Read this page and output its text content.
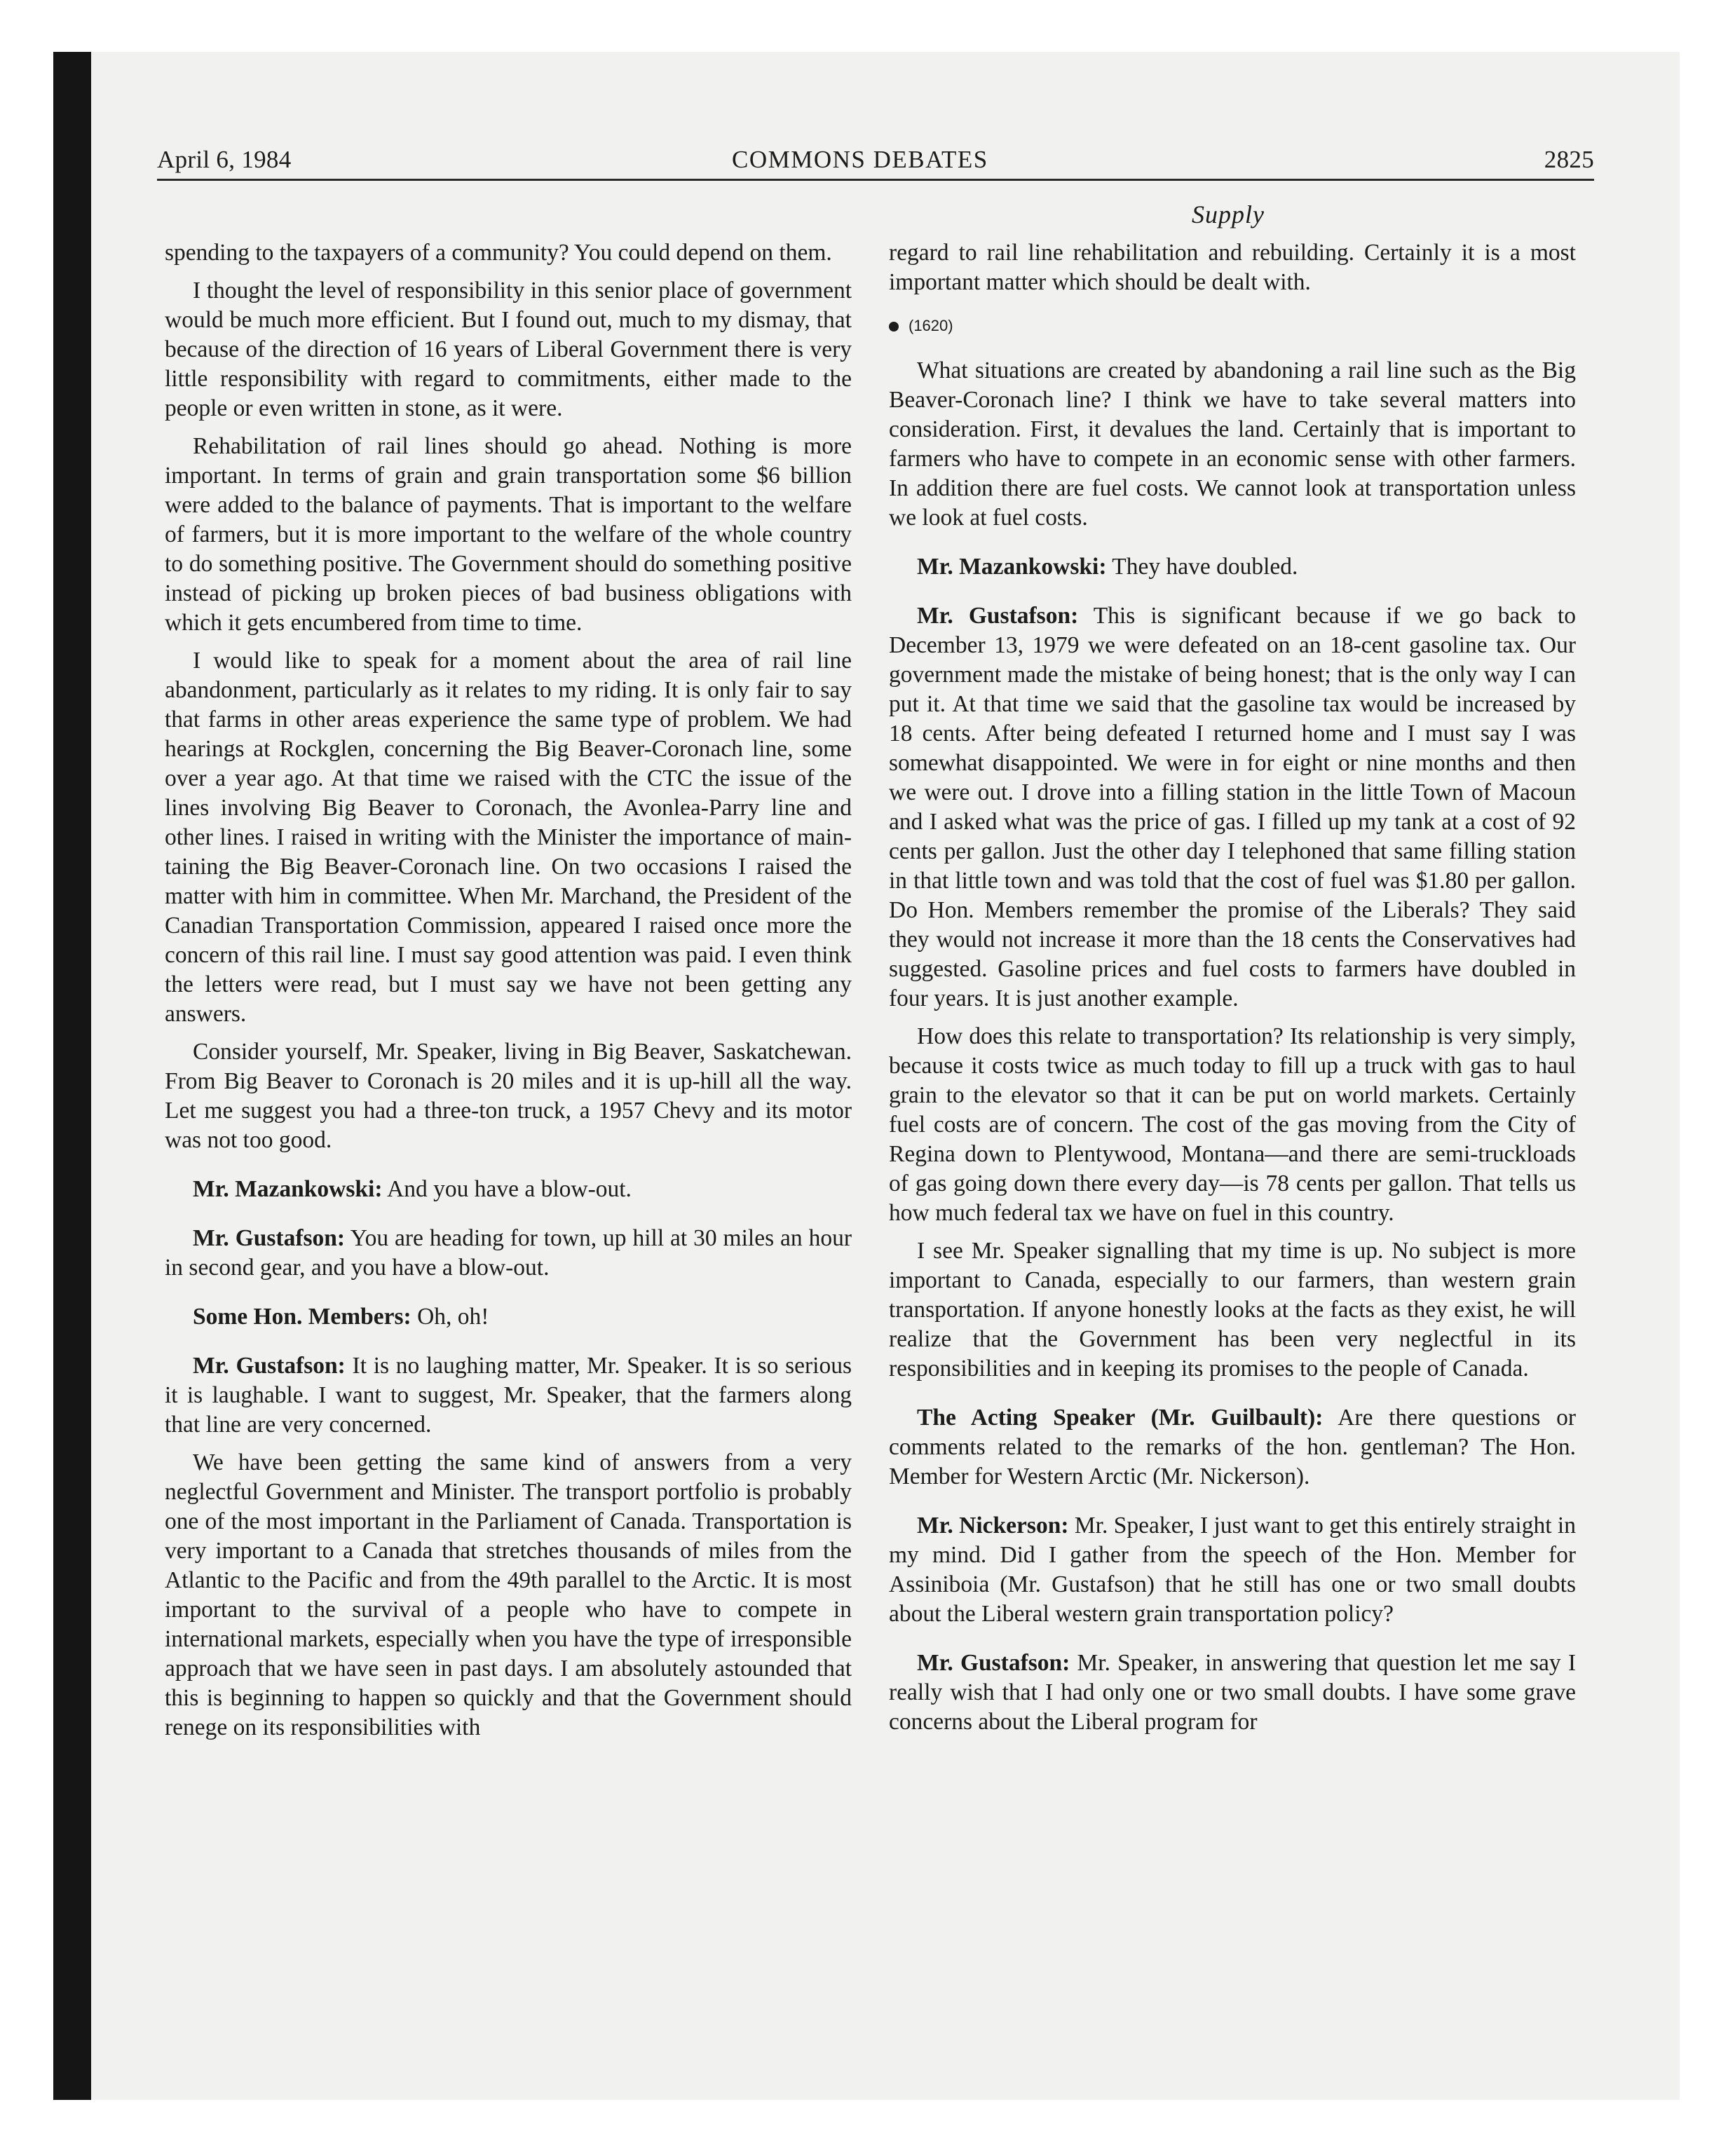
April 6, 1984	COMMONS DEBATES	2825
Supply

spending to the taxpayers of a community? You could depend on them.

I thought the level of responsibility in this senior place of government would be much more efficient. But I found out, much to my dismay, that because of the direction of 16 years of Liberal Government there is very little responsibility with regard to commitments, either made to the people or even written in stone, as it were.

Rehabilitation of rail lines should go ahead. Nothing is more important. In terms of grain and grain transportation some $6 billion were added to the balance of payments. That is important to the welfare of farmers, but it is more important to the welfare of the whole country to do something positive. The Government should do something positive instead of picking up broken pieces of bad business obligations with which it gets encumbered from time to time.

I would like to speak for a moment about the area of rail line abandonment, particularly as it relates to my riding. It is only fair to say that farms in other areas experience the same type of problem. We had hearings at Rockglen, concerning the Big Beaver-Coronach line, some over a year ago. At that time we raised with the CTC the issue of the lines involving Big Beaver to Coronach, the Avonlea-Parry line and other lines. I raised in writing with the Minister the importance of maintaining the Big Beaver-Coronach line. On two occasions I raised the matter with him in committee. When Mr. Marchand, the President of the Canadian Transportation Commission, appeared I raised once more the concern of this rail line. I must say good attention was paid. I even think the letters were read, but I must say we have not been getting any answers.

Consider yourself, Mr. Speaker, living in Big Beaver, Saskatchewan. From Big Beaver to Coronach is 20 miles and it is up-hill all the way. Let me suggest you had a three-ton truck, a 1957 Chevy and its motor was not too good.

Mr. Mazankowski: And you have a blow-out.

Mr. Gustafson: You are heading for town, up hill at 30 miles an hour in second gear, and you have a blow-out.

Some Hon. Members: Oh, oh!

Mr. Gustafson: It is no laughing matter, Mr. Speaker. It is so serious it is laughable. I want to suggest, Mr. Speaker, that the farmers along that line are very concerned.

We have been getting the same kind of answers from a very neglectful Government and Minister. The transport portfolio is probably one of the most important in the Parliament of Canada. Transportation is very important to a Canada that stretches thousands of miles from the Atlantic to the Pacific and from the 49th parallel to the Arctic. It is most important to the survival of a people who have to compete in international markets, especially when you have the type of irresponsible approach that we have seen in past days. I am absolutely astounded that this is beginning to happen so quickly and that the Government should renege on its responsibilities with

regard to rail line rehabilitation and rebuilding. Certainly it is a most important matter which should be dealt with.

(1620)

What situations are created by abandoning a rail line such as the Big Beaver-Coronach line? I think we have to take several matters into consideration. First, it devalues the land. Certainly that is important to farmers who have to compete in an economic sense with other farmers. In addition there are fuel costs. We cannot look at transportation unless we look at fuel costs.

Mr. Mazankowski: They have doubled.

Mr. Gustafson: This is significant because if we go back to December 13, 1979 we were defeated on an 18-cent gasoline tax. Our government made the mistake of being honest; that is the only way I can put it. At that time we said that the gasoline tax would be increased by 18 cents. After being defeated I returned home and I must say I was somewhat disappointed. We were in for eight or nine months and then we were out. I drove into a filling station in the little Town of Macoun and I asked what was the price of gas. I filled up my tank at a cost of 92 cents per gallon. Just the other day I telephoned that same filling station in that little town and was told that the cost of fuel was $1.80 per gallon. Do Hon. Members remember the promise of the Liberals? They said they would not increase it more than the 18 cents the Conservatives had suggested. Gasoline prices and fuel costs to farmers have doubled in four years. It is just another example.

How does this relate to transportation? Its relationship is very simply, because it costs twice as much today to fill up a truck with gas to haul grain to the elevator so that it can be put on world markets. Certainly fuel costs are of concern. The cost of the gas moving from the City of Regina down to Plentywood, Montana—and there are semi-truckloads of gas going down there every day—is 78 cents per gallon. That tells us how much federal tax we have on fuel in this country.

I see Mr. Speaker signalling that my time is up. No subject is more important to Canada, especially to our farmers, than western grain transportation. If anyone honestly looks at the facts as they exist, he will realize that the Government has been very neglectful in its responsibilities and in keeping its promises to the people of Canada.

The Acting Speaker (Mr. Guilbault): Are there questions or comments related to the remarks of the hon. gentleman? The Hon. Member for Western Arctic (Mr. Nickerson).

Mr. Nickerson: Mr. Speaker, I just want to get this entirely straight in my mind. Did I gather from the speech of the Hon. Member for Assiniboia (Mr. Gustafson) that he still has one or two small doubts about the Liberal western grain transportation policy?

Mr. Gustafson: Mr. Speaker, in answering that question let me say I really wish that I had only one or two small doubts. I have some grave concerns about the Liberal program for
